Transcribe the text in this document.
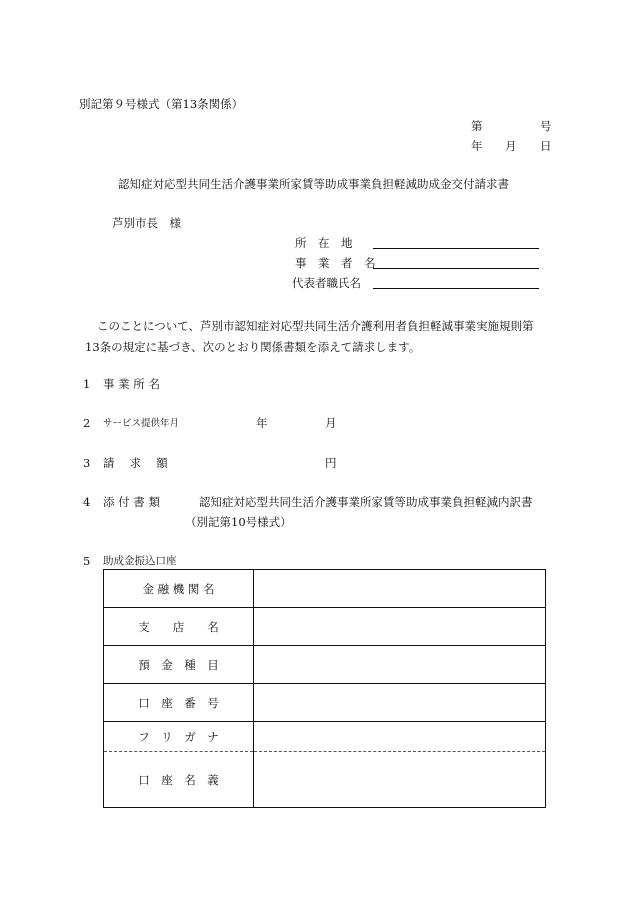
別記第９号様式（第13条関係）
第	号
年 月 日
認知症対応型共同生活介護事業所家賃等助成事業負担軽減助成金交付請求書
芦別市長　様
所　在　地
事　業　者　名
代表者職氏名
このことについて、芦別市認知症対応型共同生活介護利用者負担軽減事業実施規則第
13条の規定に基づき、次のとおり関係書類を添えて請求します。
1 事 業 所 名
2 サービス提供年月	年	月
3 請　 求　 額	円
4 添 付 書 類	認知症対応型共同生活介護事業所家賃等助成事業負担軽減内訳書
（別記第10号様式）
5 助成金振込口座
金 融 機 関 名	
支　　店　　名	
預　金　種　目	
口　座　番　号	
フ　リ　ガ　ナ	
口　座　名　義	
